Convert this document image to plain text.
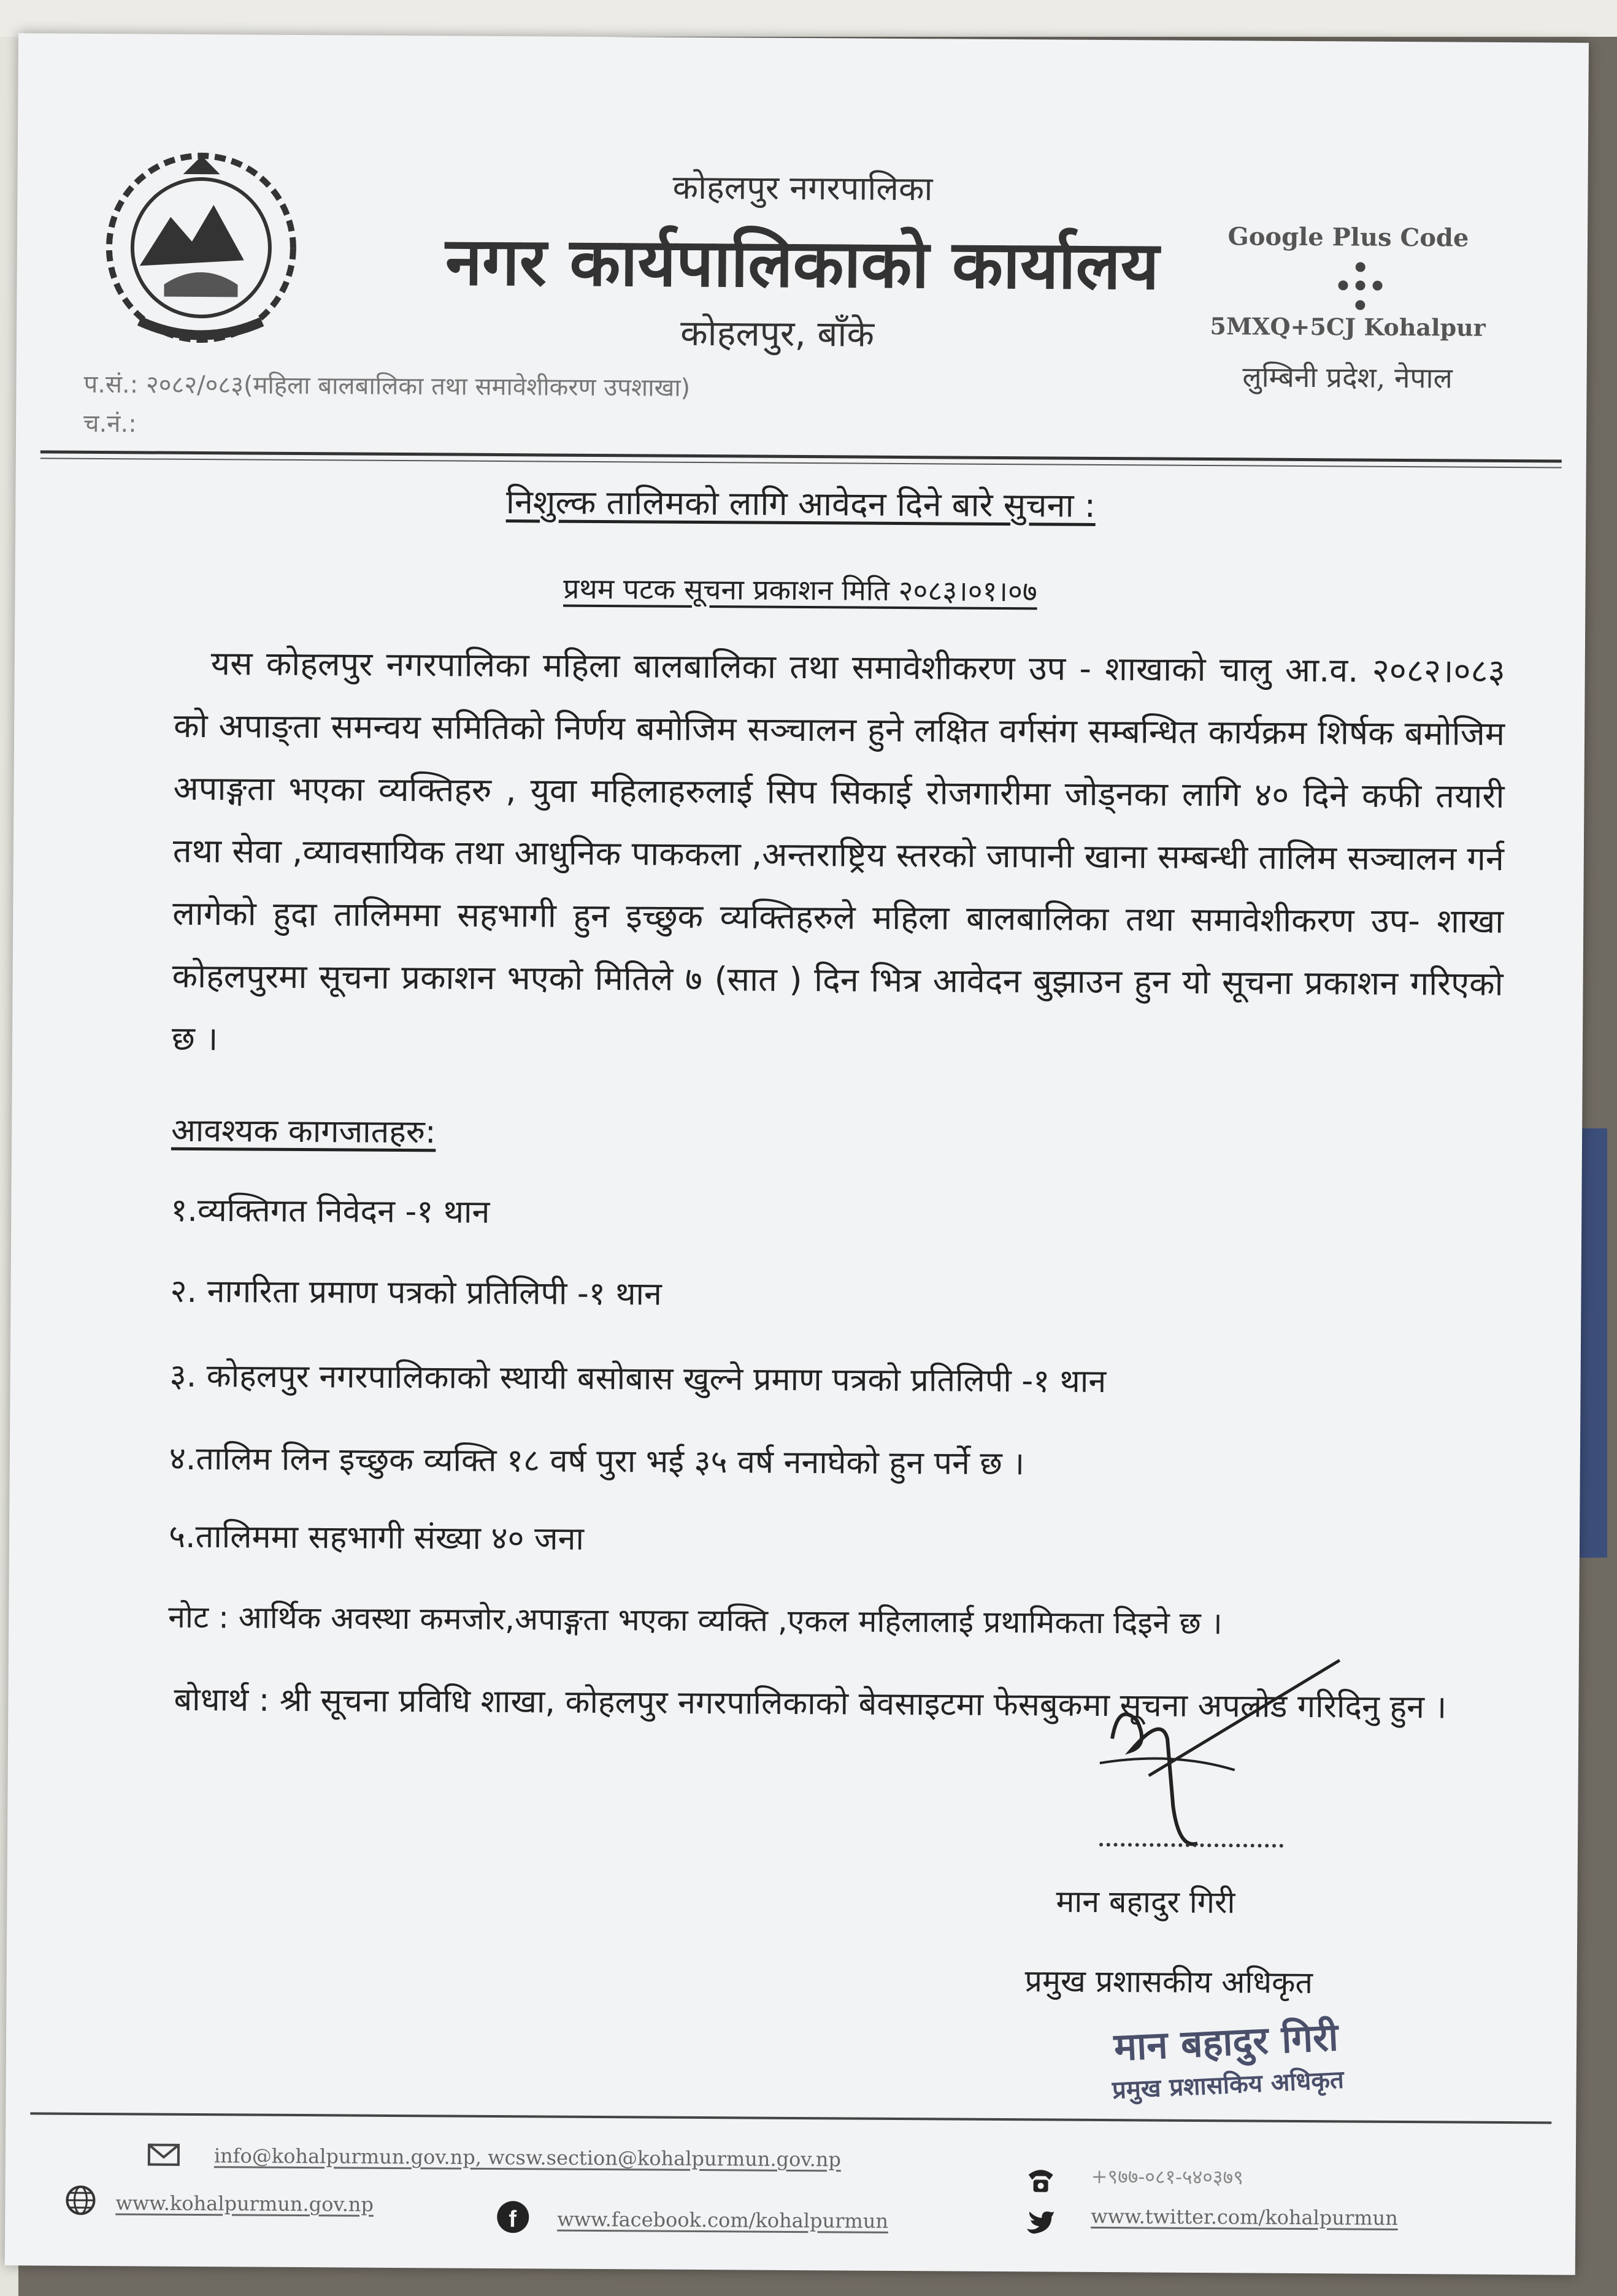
कोहलपुर नगरपालिका
नगर कार्यपालिकाको कार्यालय
कोहलपुर, बाँके
प.सं.: २०८२/०८३(महिला बालबालिका तथा समावेशीकरण उपशाखा)
च.नं.:
Google Plus Code
5MXQ+5CJ Kohalpur
लुम्बिनी प्रदेश, नेपाल
निशुल्क तालिमको लागि आवेदन दिने बारे सुचना :
प्रथम पटक सूचना प्रकाशन मिति २०८३।०१।०७
यस कोहलपुर नगरपालिका महिला बालबालिका तथा समावेशीकरण उप - शाखाको चालु आ.व. २०८२।०८३ को अपाङ्ता समन्वय समितिको निर्णय बमोजिम सञ्चालन हुने लक्षित वर्गसंग सम्बन्धित कार्यक्रम शिर्षक बमोजिम अपाङ्गता भएका व्यक्तिहरु , युवा महिलाहरुलाई सिप सिकाई रोजगारीमा जोड्नका लागि ४० दिने कफी तयारी तथा सेवा ,व्यावसायिक तथा आधुनिक पाककला ,अन्तराष्ट्रिय स्तरको जापानी खाना सम्बन्धी तालिम सञ्चालन गर्न लागेको हुदा तालिममा सहभागी हुन इच्छुक व्यक्तिहरुले महिला बालबालिका तथा समावेशीकरण उप- शाखा कोहलपुरमा सूचना प्रकाशन भएको मितिले ७ (सात ) दिन भित्र आवेदन बुझाउन हुन यो सूचना प्रकाशन गरिएको छ ।
आवश्यक कागजातहरु:
१.व्यक्तिगत निवेदन -१ थान
२. नागरिता प्रमाण पत्रको प्रतिलिपी -१ थान
३. कोहलपुर नगरपालिकाको स्थायी बसोबास खुल्ने प्रमाण पत्रको प्रतिलिपी -१ थान
४.तालिम लिन इच्छुक व्यक्ति १८ वर्ष पुरा भई ३५ वर्ष ननाघेको हुन पर्ने छ ।
५.तालिममा सहभागी संख्या ४० जना
नोट : आर्थिक अवस्था कमजोर,अपाङ्गता भएका व्यक्ति ,एकल महिलालाई प्रथामिकता दिइने छ ।
बोधार्थ : श्री सूचना प्रविधि शाखा, कोहलपुर नगरपालिकाको बेवसाइटमा फेसबुकमा सूचना अपलोड गरिदिनु हुन ।
मान बहादुर गिरी
प्रमुख प्रशासकीय अधिकृत
मान बहादुर गिरी
प्रमुख प्रशासकिय अधिकृत
info@kohalpurmun.gov.np, wcsw.section@kohalpurmun.gov.np
www.kohalpurmun.gov.np
f www.facebook.com/kohalpurmun
+९७७-०८१-५४०३७९
www.twitter.com/kohalpurmun
